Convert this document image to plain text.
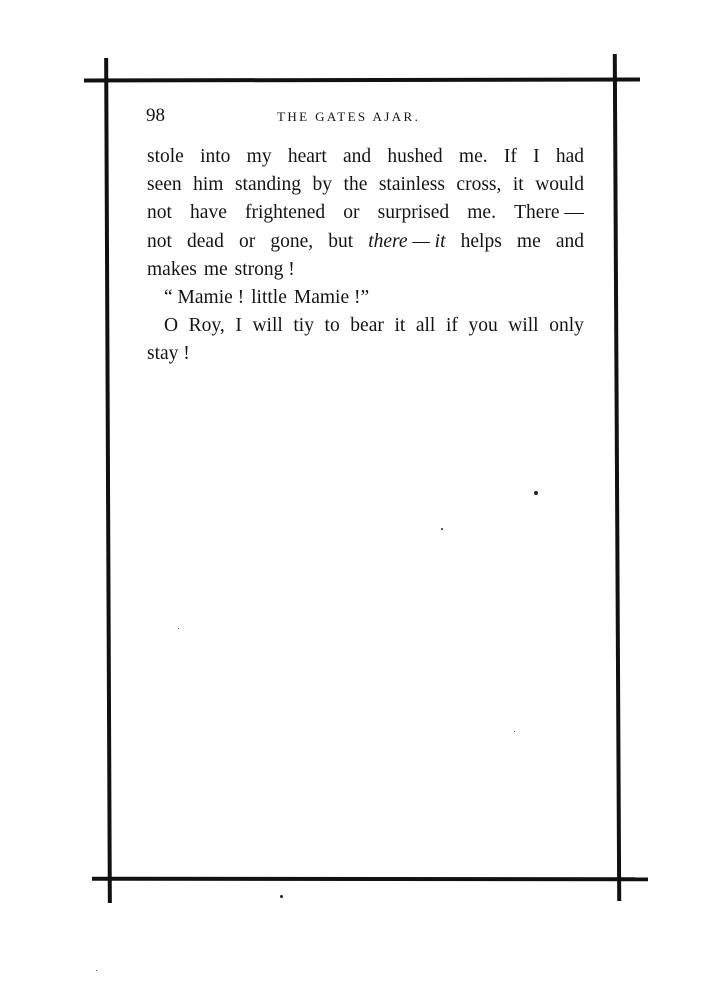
98	THE GATES AJAR.
stole into my heart and hushed me. If I had
seen him standing by the stainless cross, it would
not have frightened or surprised me. There —
not dead or gone, but there — it helps me and
makes me strong !
“ Mamie ! little Mamie !”
O Roy, I will tiy to bear it all if you will only
stay !
